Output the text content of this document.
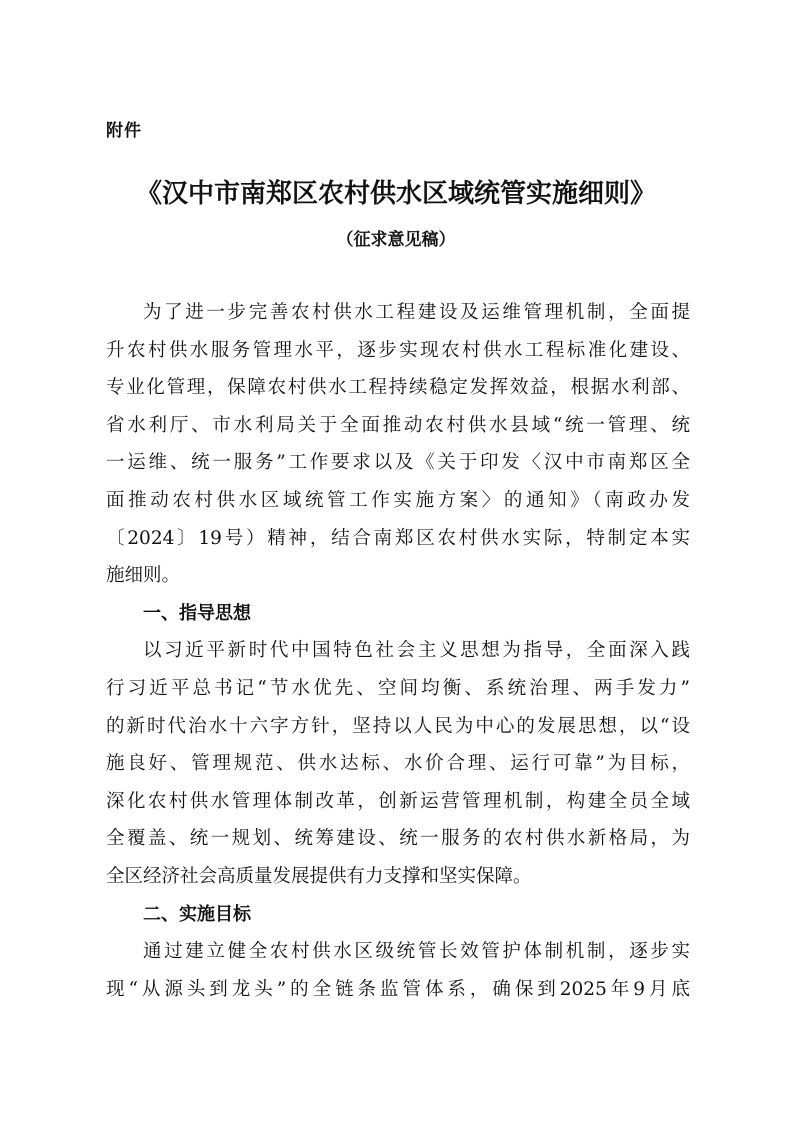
附件
《汉中市南郑区农村供水区域统管实施细则》
（征求意见稿）
为了进一步完善农村供水工程建设及运维管理机制，全面提
升农村供水服务管理水平，逐步实现农村供水工程标准化建设、
专业化管理，保障农村供水工程持续稳定发挥效益，根据水利部、
省水利厅、市水利局关于全面推动农村供水县域“统一管理、统
一运维、统一服务”工作要求以及《关于印发〈汉中市南郑区全
面推动农村供水区域统管工作实施方案〉的通知》（南政办发
〔2024〕19号）精神，结合南郑区农村供水实际，特制定本实
施细则。
一、指导思想
以习近平新时代中国特色社会主义思想为指导，全面深入践
行习近平总书记“节水优先、空间均衡、系统治理、两手发力”
的新时代治水十六字方针，坚持以人民为中心的发展思想，以“设
施良好、管理规范、供水达标、水价合理、运行可靠”为目标，
深化农村供水管理体制改革，创新运营管理机制，构建全员全域
全覆盖、统一规划、统筹建设、统一服务的农村供水新格局，为
全区经济社会高质量发展提供有力支撑和坚实保障。
二、实施目标
通过建立健全农村供水区级统管长效管护体制机制，逐步实
现“从源头到龙头”的全链条监管体系，确保到2025年9月底
